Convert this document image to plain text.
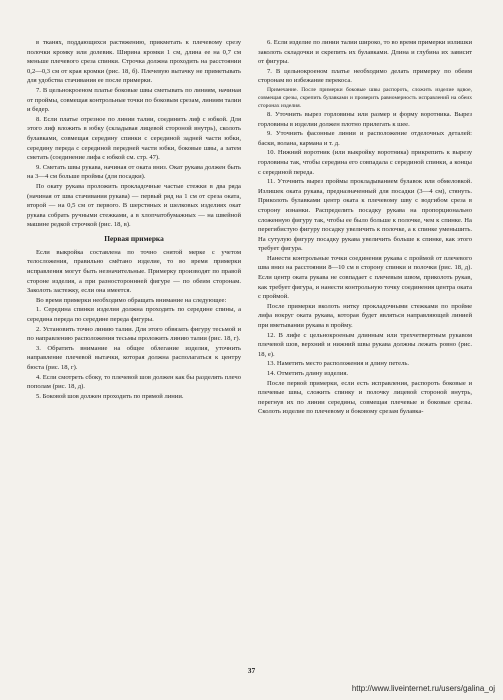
в тканях, поддающихся растяжению, прикметать к плечевому срезу полочки кромку или долевик. Ширина кромки 1 см, длина ее на 0,7 см меньше плечевого среза спинки. Строчка должна проходить на расстоянии 0,2—0,3 см от края кромки (рис. 18, б). Плечевую вытачку не приметывать для удобства стачивания ее после примерки.

7. В цельнокроеном платье боковые швы сметывать по линиям, начиная от проймы, совмещая контрольные точки по боковым срезам, линиям талии и бедер.

8. Если платье отрезное по линии талии, соединить лиф с юбкой. Для этого лиф вложить в юбку (складывая лицевой стороной внутрь), сколоть булавками, совмещая середину спинки с серединой задней части юбки, середину переда с серединой передней части юбки, боковые швы, а затем сметать (соединение лифа с юбкой см. стр. 47).

9. Сметать швы рукава, начиная от оката вниз. Окат рукава должен быть на 3—4 см больше проймы (для посадки).

По окату рукава проложить прокладочные частые стежки в два ряда (начиная от шва стачивания рукава) — первый ряд на 1 см от среза оката, второй — на 0,5 см от первого. В шерстяных и шелковых изделиях окат рукава собрать ручными стежками, а в хлопчатобумажных — на швейной машине редкой строчкой (рис. 18, в).

Первая примерка

Если выкройка составлена по точно снятой мерке с учетом телосложения, правильно смётано изделие, то во время примерки исправления могут быть незначительные. Примерку производят по правой стороне изделия, а при разностороннней фигуре — по обеим сторонам. Заколоть застежку, если она имеется.

Во время примерки необходимо обращать внимание на следующее:

1. Середина спинки изделия должна проходить по середине спины, а середина переда по середине переда фигуры.

2. Установить точно линию талии. Для этого обвязать фигуру тесьмой и по направлению расположения тесьмы проложить линию талии (рис. 18, г).

3. Обратить внимание на общее облегание изделия, уточнить направление плечевой вытачки, которая должна располагаться к центру бюста (рис. 18, г).

4. Если смотреть сбоку, то плечевой шов должен как бы разделять плечо пополам (рис. 18, д).

5. Боковой шов должен проходить по прямой линии.

6. Если изделие по линии талии широко, то во время примерки излишки заколоть складочки и скрепить их булавками. Длина и глубина их зависит от фигуры.

7. В цельнокроеном платье необходимо делать примерку по обеим сторонам во избежание перекоса.

Примечание. После примерки боковые швы распороть, сложить изделие вдвое, совмещая срезы, скрепить булавками и проверить равномерность исправлений на обеих сторонах изделия.

8. Уточнить вырез горловины или размер и форму воротника. Вырез горловины в изделии должен плотно прилегать к шее.

9. Уточнить фасонные линии и расположение отделочных деталей: баски, волана, кармана и т. д.

10. Нижний воротник (или выкройку воротника) прикрепить к вырезу горловины так, чтобы середина его совпадала с серединой спинки, а концы с серединой переда.

11. Уточнить вырез проймы прокладыванием булавок или обмеловкой. Излишек оката рукава, предназначенный для посадки (3—4 см), стянуть. Приколоть булавками центр оката к плечевому шву с водгибом среза в сторону изнанки. Распределить посадку рукава на пропорционально сложенную фигуру так, чтобы ее было больше к полочке, чем к спинке. На перегибистую фигуру посадку увеличить к полочке, а к спинке уменьшить. На сутулую фигуру посадку рукава увеличить больше к спинке, как этого требует фигура.

Нанести контрольные точки соединения рукава с проймой от плечевого шва вниз на расстоянии 8—10 см в сторону спинки и полочки (рис. 18, д). Если центр оката рукава не совпадает с плечевым швом, приколоть рукав, как требует фигура, и нанести контрольную точку соединения центра оката с проймой.

После примерки вколоть нитку прокладочными стежками по пройме лифа вокруг оката рукава, которая будет являться направляющей линией при вметывании рукава в пройму.

12. В лифе с цельнокроеным длинным или трехчетвертным рукавом плечевой шов, верхний и нижний швы рукава должны лежать ровно (рис. 18, е).

13. Наметить место расположения и длину петель.

14. Отметить длину изделия.

После первой примерки, если есть исправления, распороть боковые и плечевые швы, сложить спинку и полочку лицевой стороной внутрь, перегнув их по линии середины, совмещая плечевые и боковые срезы. Сколоть изделие по плечевому и боковому срезам булавка-

37
http://www.liveinternet.ru/users/galina_oj
